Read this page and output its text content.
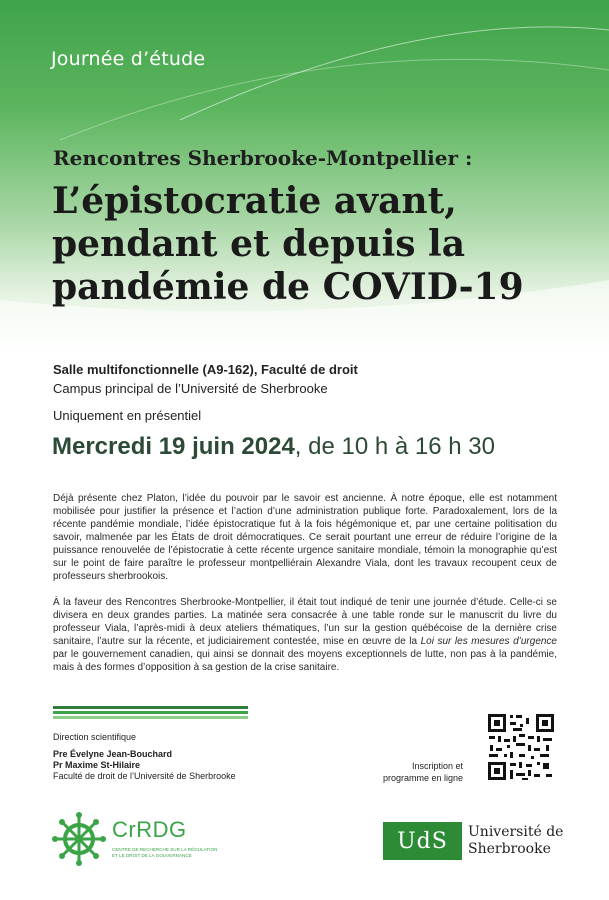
Journée d’étude
Rencontres Sherbrooke-Montpellier :
L’épistocratie avant,
pendant et depuis la
pandémie de COVID-19
Salle multifonctionnelle (A9-162), Faculté de droit
Campus principal de l’Université de Sherbrooke
Uniquement en présentiel
Mercredi 19 juin 2024, de 10 h à 16 h 30

Déjà présente chez Platon, l’idée du pouvoir par le savoir est ancienne. À notre époque, elle est notamment mobilisée pour justifier la présence et l’action d’une administration publique forte. Paradoxalement, lors de la récente pandémie mondiale, l’idée épistocratique fut à la fois hégémonique et, par une certaine politisation du savoir, malmenée par les États de droit démocratiques. Ce serait pourtant une erreur de réduire l’origine de la puissance renouvelée de l’épistocratie à cette récente urgence sanitaire mondiale, témoin la monographie qu’est sur le point de faire paraître le professeur montpelliérain Alexandre Viala, dont les travaux recoupent ceux de professeurs sherbrookois.

À la faveur des Rencontres Sherbrooke-Montpellier, il était tout indiqué de tenir une journée d’étude. Celle-ci se divisera en deux grandes parties. La matinée sera consacrée à une table ronde sur le manuscrit du livre du professeur Viala, l’après-midi à deux ateliers thématiques, l’un sur la gestion québécoise de la dernière crise sanitaire, l’autre sur la récente, et judiciairement contestée, mise en œuvre de la Loi sur les mesures d’urgence par le gouvernement canadien, qui ainsi se donnait des moyens exceptionnels de lutte, non pas à la pandémie, mais à des formes d’opposition à sa gestion de la crise sanitaire.

Direction scientifique
Pre Évelyne Jean-Bouchard
Pr Maxime St-Hilaire
Faculté de droit de l’Université de Sherbrooke
Inscription et
programme en ligne
CrRDG
CENTRE DE RECHERCHE SUR LA RÉGULATION
ET LE DROIT DE LA GOUVERNANCE
UdS	Université de
Sherbrooke
